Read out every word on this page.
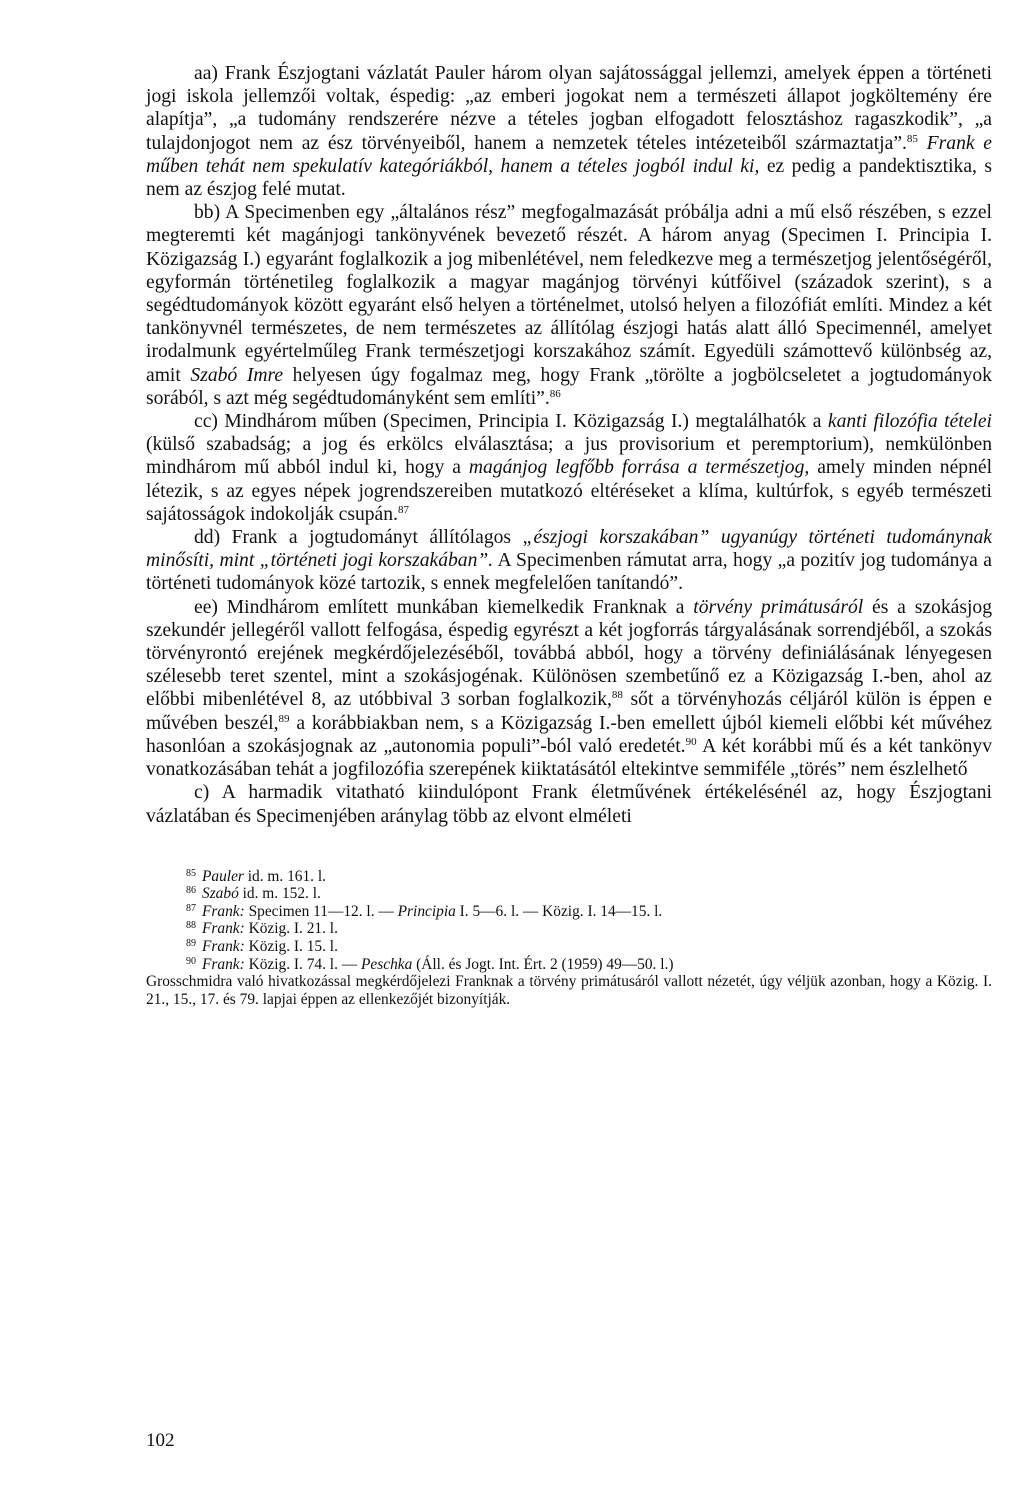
aa) Frank Észjogtani vázlatát Pauler három olyan sajátossággal jellemzi, amelyek éppen a történeti jogi iskola jellemzői voltak, éspedig: „az emberi jogokat nem a természeti állapot jogköltemény ére alapítja”, „a tudomány rendszerére nézve a tételes jogban elfogadott felosztáshoz ragaszkodik”, „a tulajdonjogot nem az ész törvényeiből, hanem a nemzetek tételes intézeteiből származtatja”.$^{85}$ Frank e műben tehát nem spekulatív kategóriákból, hanem a tételes jogból indul ki, ez pedig a pandektisztika, s nem az észjog felé mutat.

bb) A Specimenben egy „általános rész” megfogalmazását próbálja adni a mű első részében, s ezzel megteremti két magánjogi tankönyvének bevezető részét. A három anyag (Specimen I. Principia I. Közigazság I.) egyaránt foglalkozik a jog mibenlétével, nem feledkezve meg a természetjog jelentőségéről, egyformán történetileg foglalkozik a magyar magánjog törvényi kútfőivel (századok szerint), s a segédtudományok között egyaránt első helyen a történelmet, utolsó helyen a filozófiát említi. Mindez a két tankönyvnél természetes, de nem természetes az állítólag észjogi hatás alatt álló Specimennél, amelyet irodalmunk egyértelműleg Frank természetjogi korszakához számít. Egyedüli számottevő különbség az, amit Szabó Imre helyesen úgy fogalmaz meg, hogy Frank „törölte a jogbölcseletet a jogtudományok sorából, s azt még segédtudományként sem említi”.$^{86}$

cc) Mindhárom műben (Specimen, Principia I. Közigazság I.) megtalálhatók a kanti filozófia tételei (külső szabadság; a jog és erkölcs elválasztása; a jus provisorium et peremptorium), nemkülönben mindhárom mű abból indul ki, hogy a magánjog legfőbb forrása a természetjog, amely minden népnél létezik, s az egyes népek jogrendszereiben mutatkozó eltéréseket a klíma, kultúrfok, s egyéb természeti sajátosságok indokolják csupán.$^{87}$

dd) Frank a jogtudományt állítólagos „észjogi korszakában” ugyanúgy történeti tudománynak minősíti, mint „történeti jogi korszakában”. A Specimenben rámutat arra, hogy „a pozitív jog tudománya a történeti tudományok közé tartozik, s ennek megfelelően tanítandó”.

ee) Mindhárom említett munkában kiemelkedik Franknak a törvény primátusáról és a szokásjog szekundér jellegéről vallott felfogása, éspedig egyrészt a két jogforrás tárgyalásának sorrendjéből, a szokás törvényrontó erejének megkérdőjelezéséből, továbbá abból, hogy a törvény definiálásának lényegesen szélesebb teret szentel, mint a szokásjogénak. Különösen szembetűnő ez a Közigazság I.-ben, ahol az előbbi mibenlétével 8, az utóbbival 3 sorban foglalkozik,$^{88}$ sőt a törvényhozás céljáról külön is éppen e művében beszél,$^{89}$ a korábbiakban nem, s a Közigazság I.-ben emellett újból kiemeli előbbi két művéhez hasonlóan a szokásjognak az „autonomia populi”-ból való eredetét.$^{90}$ A két korábbi mű és a két tankönyv vonatkozásában tehát a jogfilozófia szerepének kiiktatásától eltekintve semmiféle „törés” nem észlelhető

c) A harmadik vitatható kiindulópont Frank életművének értékelésénél az, hogy Észjogtani vázlatában és Specimenjében aránylag több az elvont elméleti

$^{85}$ Pauler id. m. 161. l.

$^{86}$ Szabó id. m. 152. l.

$^{87}$ Frank: Specimen 11—12. l. — Principia I. 5—6. l. — Közig. I. 14—15. l.

$^{88}$ Frank: Közig. I. 21. l.

$^{89}$ Frank: Közig. I. 15. l.

$^{90}$ Frank: Közig. I. 74. l. — Peschka (Áll. és Jogt. Int. Ért. 2 (1959) 49—50. l.)

Grosschmidra való hivatkozással megkérdőjelezi Franknak a törvény primátusáról vallott nézetét, úgy véljük azonban, hogy a Közig. I. 21., 15., 17. és 79. lapjai éppen az ellenkezőjét bizonyítják.

102
